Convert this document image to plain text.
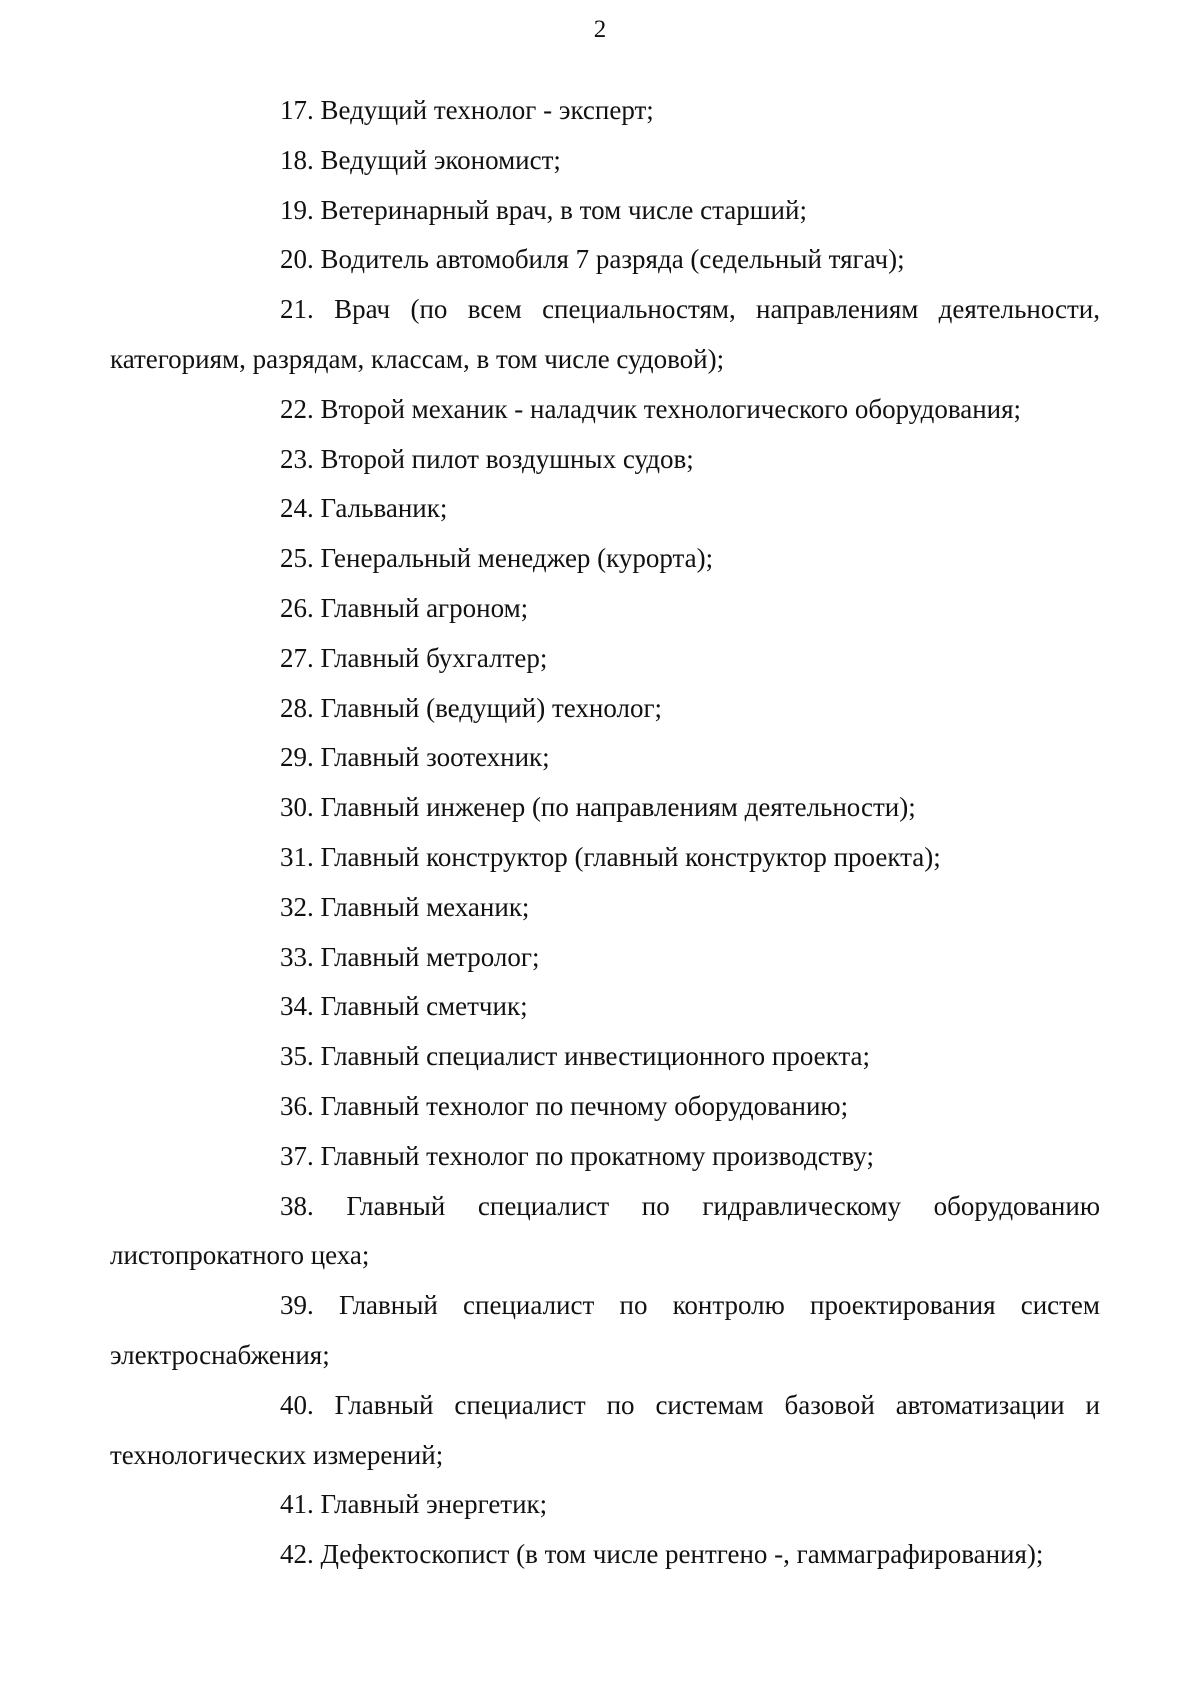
2
17. Ведущий технолог - эксперт;
18. Ведущий экономист;
19. Ветеринарный врач, в том числе старший;
20. Водитель автомобиля 7 разряда (седельный тягач);
21. Врач (по всем специальностям, направлениям деятельности, категориям, разрядам, классам, в том числе судовой);
22. Второй механик - наладчик технологического оборудования;
23. Второй пилот воздушных судов;
24. Гальваник;
25. Генеральный менеджер (курорта);
26. Главный агроном;
27. Главный бухгалтер;
28. Главный (ведущий) технолог;
29. Главный зоотехник;
30. Главный инженер (по направлениям деятельности);
31. Главный конструктор (главный конструктор проекта);
32. Главный механик;
33. Главный метролог;
34. Главный сметчик;
35. Главный специалист инвестиционного проекта;
36. Главный технолог по печному оборудованию;
37. Главный технолог по прокатному производству;
38. Главный специалист по гидравлическому оборудованию листопрокатного цеха;
39. Главный специалист по контролю проектирования систем электроснабжения;
40. Главный специалист по системам базовой автоматизации и технологических измерений;
41. Главный энергетик;
42. Дефектоскопист (в том числе рентгено -, гаммаграфирования);
